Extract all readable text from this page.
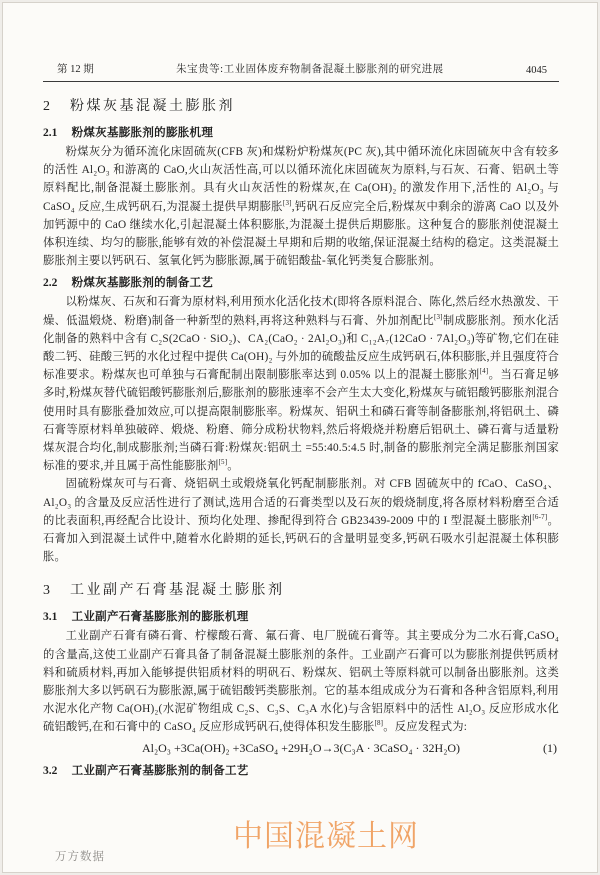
第 12 期	朱宝贵等:工业固体废弃物制备混凝土膨胀剂的研究进展	4045

2 粉煤灰基混凝土膨胀剂
2.1 粉煤灰基膨胀剂的膨胀机理

粉煤灰分为循环流化床固硫灰(CFB 灰)和煤粉炉粉煤灰(PC 灰),其中循环流化床固硫灰中含有较多的活性 Al₂O₃ 和游离的 CaO,火山灰活性高,可以以循环流化床固硫灰为原料,与石灰、石膏、铝矾土等原料配比,制备混凝土膨胀剂。具有火山灰活性的粉煤灰,在 Ca(OH)₂ 的激发作用下,活性的 Al₂O₃ 与 CaSO₄ 反应,生成钙矾石,为混凝土提供早期膨胀[3],钙矾石反应完全后,粉煤灰中剩余的游离 CaO 以及外加钙源中的 CaO 继续水化,引起混凝土体积膨胀,为混凝土提供后期膨胀。这种复合的膨胀剂使混凝土体积连续、均匀的膨胀,能够有效的补偿混凝土早期和后期的收缩,保证混凝土结构的稳定。这类混凝土膨胀剂主要以钙矾石、氢氧化钙为膨胀源,属于硫铝酸盐-氧化钙类复合膨胀剂。

2.2 粉煤灰基膨胀剂的制备工艺

以粉煤灰、石灰和石膏为原材料,利用预水化活化技术(即将各原料混合、陈化,然后经水热激发、干燥、低温煅烧、粉磨)制备一种新型的熟料,再将这种熟料与石膏、外加剂配比[3]制成膨胀剂。预水化活化制备的熟料中含有 C₂S(2CaO · SiO₂)、CA₂(CaO₂ · 2Al₂O₃)和 C₁₂A₇(12CaO · 7Al₂O₃)等矿物,它们在硅酸二钙、硅酸三钙的水化过程中提供 Ca(OH)₂ 与外加的硫酸盐反应生成钙矾石,体积膨胀,并且强度符合标准要求。粉煤灰也可单独与石膏配制出限制膨胀率达到 0.05% 以上的混凝土膨胀剂[4]。当石膏足够多时,粉煤灰替代硫铝酸钙膨胀剂后,膨胀剂的膨胀速率不会产生太大变化,粉煤灰与硫铝酸钙膨胀剂混合使用时具有膨胀叠加效应,可以提高限制膨胀率。粉煤灰、铝矾土和磷石膏等制备膨胀剂,将铝矾土、磷石膏等原材料单独破碎、煅烧、粉磨、筛分成粉状物料,然后将煅烧并粉磨后铝矾土、磷石膏与适量粉煤灰混合均化,制成膨胀剂;当磷石膏:粉煤灰:铝矾土 =55:40.5:4.5 时,制备的膨胀剂完全满足膨胀剂国家标准的要求,并且属于高性能膨胀剂[5]。

固硫粉煤灰可与石膏、烧铝矾土或煅烧氧化钙配制膨胀剂。对 CFB 固硫灰中的 fCaO、CaSO₄、Al₂O₃ 的含量及反应活性进行了测试,选用合适的石膏类型以及石灰的煅烧制度,将各原材料粉磨至合适的比表面积,再经配合比设计、预均化处理、掺配得到符合 GB23439-2009 中的 I 型混凝土膨胀剂[6-7]。石膏加入到混凝土试件中,随着水化龄期的延长,钙矾石的含量明显变多,钙矾石吸水引起混凝土体积膨胀。

3 工业副产石膏基混凝土膨胀剂
3.1 工业副产石膏基膨胀剂的膨胀机理

工业副产石膏有磷石膏、柠檬酸石膏、氟石膏、电厂脱硫石膏等。其主要成分为二水石膏,CaSO₄ 的含量高,这使工业副产石膏具备了制备混凝土膨胀剂的条件。工业副产石膏可以为膨胀剂提供钙质材料和硫质材料,再加入能够提供铝质材料的明矾石、粉煤灰、铝矾土等原料就可以制备出膨胀剂。这类膨胀剂大多以钙矾石为膨胀源,属于硫铝酸钙类膨胀剂。它的基本组成成分为石膏和各种含铝原料,利用水泥水化产物 Ca(OH)₂(水泥矿物组成 C₂S、C₃S、C₃A 水化)与含铝原料中的活性 Al₂O₃ 反应形成水化硫铝酸钙,在和石膏中的 CaSO₄ 反应形成钙矾石,使得体积发生膨胀[8]。反应发程式为:

Al₂O₃ +3Ca(OH)₂ +3CaSO₄ +29H₂O→3(C₃A · 3CaSO₄ · 32H₂O)	(1)
3.2 工业副产石膏基膨胀剂的制备工艺
中国混凝土网
万方数据
